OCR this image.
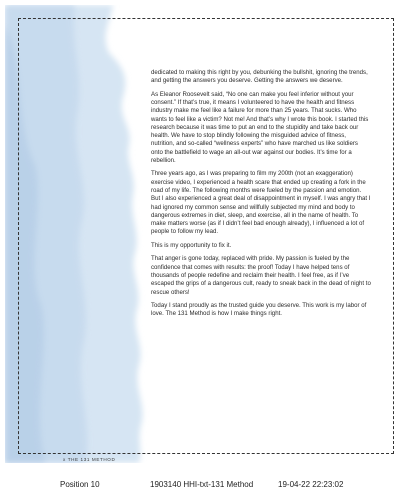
dedicated to making this right by you, debunking the bullshit, ignoring the trends, and getting the answers you deserve. Getting the answers we deserve.

As Eleanor Roosevelt said, “No one can make you feel inferior without your consent.” If that’s true, it means I volunteered to have the health and fitness industry make me feel like a failure for more than 25 years. That sucks. Who wants to feel like a victim? Not me! And that’s why I wrote this book. I started this research because it was time to put an end to the stupidity and take back our health. We have to stop blindly following the misguided advice of fitness, nutrition, and so-called “wellness experts” who have marched us like soldiers onto the battlefield to wage an all-out war against our bodies. It’s time for a rebellion.

Three years ago, as I was preparing to film my 200th (not an exaggeration) exercise video, I experienced a health scare that ended up creating a fork in the road of my life. The following months were fueled by the passion and emotion. But I also experienced a great deal of disappointment in myself. I was angry that I had ignored my common sense and willfully subjected my mind and body to dangerous extremes in diet, sleep, and exercise, all in the name of health. To make matters worse (as if I didn’t feel bad enough already), I influenced a lot of people to follow my lead.

This is my opportunity to fix it.

That anger is gone today, replaced with pride. My passion is fueled by the confidence that comes with results: the proof! Today I have helped tens of thousands of people redefine and reclaim their health. I feel free, as if I’ve escaped the grips of a dangerous cult, ready to sneak back in the dead of night to rescue others!

Today I stand proudly as the trusted guide you deserve. This work is my labor of love. The 131 Method is how I make things right.

x THE 131 METHOD
Position 10	1903140 HHI-txt-131 Method	19-04-22 22:23:02
